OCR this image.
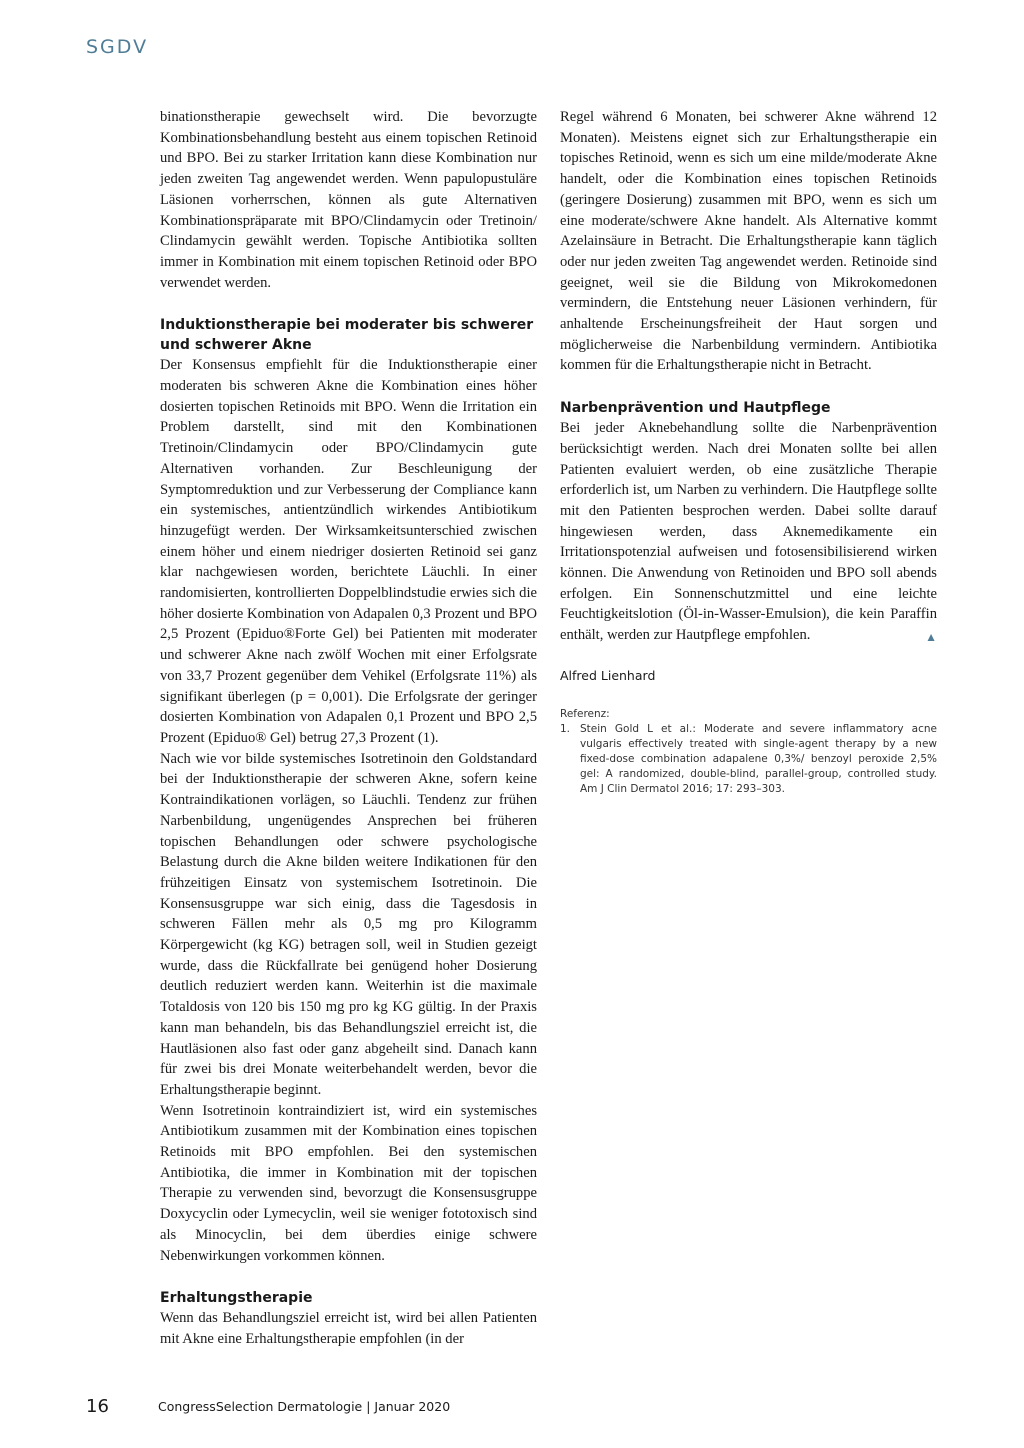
SGDV

binationstherapie gewechselt wird. Die bevorzugte Kombinationsbehandlung besteht aus einem topischen Retinoid und BPO. Bei zu starker Irritation kann diese Kombination nur jeden zweiten Tag angewendet werden. Wenn papulopustuläre Läsionen vorherrschen, können als gute Alternativen Kombinationspräparate mit BPO/Clindamycin oder Tretinoin/ Clindamycin gewählt werden. Topische Antibiotika sollten immer in Kombination mit einem topischen Retinoid oder BPO verwendet werden.

Induktionstherapie bei moderater bis schwerer und schwerer Akne

Der Konsensus empfiehlt für die Induktionstherapie einer moderaten bis schweren Akne die Kombination eines höher dosierten topischen Retinoids mit BPO. Wenn die Irritation ein Problem darstellt, sind mit den Kombinationen Tretinoin/Clindamycin oder BPO/Clindamycin gute Alternativen vorhanden. Zur Beschleunigung der Symptomreduktion und zur Verbesserung der Compliance kann ein systemisches, antientzündlich wirkendes Antibiotikum hinzugefügt werden. Der Wirksamkeitsunterschied zwischen einem höher und einem niedriger dosierten Retinoid sei ganz klar nachgewiesen worden, berichtete Läuchli. In einer randomisierten, kontrollierten Doppelblindstudie erwies sich die höher dosierte Kombination von Adapalen 0,3 Prozent und BPO 2,5 Prozent (Epiduo®Forte Gel) bei Patienten mit moderater und schwerer Akne nach zwölf Wochen mit einer Erfolgsrate von 33,7 Prozent gegenüber dem Vehikel (Erfolgsrate 11%) als signifikant überlegen (p = 0,001). Die Erfolgsrate der geringer dosierten Kombination von Adapalen 0,1 Prozent und BPO 2,5 Prozent (Epiduo® Gel) betrug 27,3 Prozent (1).

Nach wie vor bilde systemisches Isotretinoin den Goldstandard bei der Induktionstherapie der schweren Akne, sofern keine Kontraindikationen vorlägen, so Läuchli. Tendenz zur frühen Narbenbildung, ungenügendes Ansprechen bei früheren topischen Behandlungen oder schwere psychologische Belastung durch die Akne bilden weitere Indikationen für den frühzeitigen Einsatz von systemischem Isotretinoin. Die Konsensusgruppe war sich einig, dass die Tagesdosis in schweren Fällen mehr als 0,5 mg pro Kilogramm Körpergewicht (kg KG) betragen soll, weil in Studien gezeigt wurde, dass die Rückfallrate bei genügend hoher Dosierung deutlich reduziert werden kann. Weiterhin ist die maximale Totaldosis von 120 bis 150 mg pro kg KG gültig. In der Praxis kann man behandeln, bis das Behandlungsziel erreicht ist, die Hautläsionen also fast oder ganz abgeheilt sind. Danach kann für zwei bis drei Monate weiterbehandelt werden, bevor die Erhaltungstherapie beginnt.

Wenn Isotretinoin kontraindiziert ist, wird ein systemisches Antibiotikum zusammen mit der Kombination eines topischen Retinoids mit BPO empfohlen. Bei den systemischen Antibiotika, die immer in Kombination mit der topischen Therapie zu verwenden sind, bevorzugt die Konsensusgruppe Doxycyclin oder Lymecyclin, weil sie weniger fototoxisch sind als Minocyclin, bei dem überdies einige schwere Nebenwirkungen vorkommen können.

Erhaltungstherapie

Wenn das Behandlungsziel erreicht ist, wird bei allen Patienten mit Akne eine Erhaltungstherapie empfohlen (in der

Regel während 6 Monaten, bei schwerer Akne während 12 Monaten). Meistens eignet sich zur Erhaltungstherapie ein topisches Retinoid, wenn es sich um eine milde/moderate Akne handelt, oder die Kombination eines topischen Retinoids (geringere Dosierung) zusammen mit BPO, wenn es sich um eine moderate/schwere Akne handelt. Als Alternative kommt Azelainsäure in Betracht. Die Erhaltungstherapie kann täglich oder nur jeden zweiten Tag angewendet werden. Retinoide sind geeignet, weil sie die Bildung von Mikrokomedonen vermindern, die Entstehung neuer Läsionen verhindern, für anhaltende Erscheinungsfreiheit der Haut sorgen und möglicherweise die Narbenbildung vermindern. Antibiotika kommen für die Erhaltungstherapie nicht in Betracht.

Narbenprävention und Hautpflege

Bei jeder Aknebehandlung sollte die Narbenprävention berücksichtigt werden. Nach drei Monaten sollte bei allen Patienten evaluiert werden, ob eine zusätzliche Therapie erforderlich ist, um Narben zu verhindern. Die Hautpflege sollte mit den Patienten besprochen werden. Dabei sollte darauf hingewiesen werden, dass Aknemedikamente ein Irritationspotenzial aufweisen und fotosensibilisierend wirken können. Die Anwendung von Retinoiden und BPO soll abends erfolgen. Ein Sonnenschutzmittel und eine leichte Feuchtigkeitslotion (Öl-in-Wasser-Emulsion), die kein Paraffin enthält, werden zur Hautpflege empfohlen.	▲

Alfred Lienhard
Referenz:
1. Stein Gold L et al.: Moderate and severe inflammatory acne vulgaris effectively treated with single-agent therapy by a new fixed-dose combination adapalene 0,3%/ benzoyl peroxide 2,5% gel: A randomized, double-blind, parallel-group, controlled study. Am J Clin Dermatol 2016; 17: 293–303.
16	CongressSelection Dermatologie | Januar 2020
